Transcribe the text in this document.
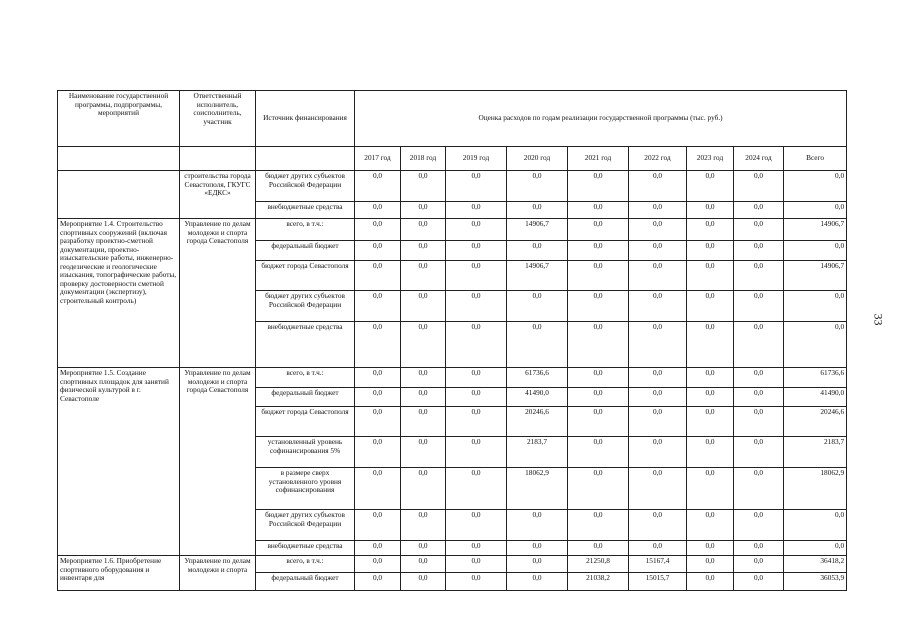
Наименование государственной программы, подпрограммы, мероприятий	Ответственный исполнитель, соисполнитель, участник	Источник финансирования	Оценка расходов по годам реализации государственной программы (тыс. руб.)								
			2017 год	2018 год	2019 год	2020 год	2021 год	2022 год	2023 год	2024 год	Всего
	строительства города Севастополя, ГКУГС «ЕДКС»	бюджет других субъектов Российской Федерации	0,0	0,0	0,0	0,0	0,0	0,0	0,0	0,0	0,0
		внебюджетные средства	0,0	0,0	0,0	0,0	0,0	0,0	0,0	0,0	0,0
Мероприятие 1.4. Строительство спортивных сооружений (включая разработку проектно-сметной документации, проектно-изыскательские работы, инженерно-геодезические и геологические изыскания, топографические работы, проверку достоверности сметной документации (экспертизу), строительный контроль)	Управление по делам молодежи и спорта города Севастополя	всего, в т.ч.:	0,0	0,0	0,0	14906,7	0,0	0,0	0,0	0,0	14906,7
		федеральный бюджет	0,0	0,0	0,0	0,0	0,0	0,0	0,0	0,0	0,0
		бюджет города Севастополя	0,0	0,0	0,0	14906,7	0,0	0,0	0,0	0,0	14906,7
		бюджет других субъектов Российской Федерации	0,0	0,0	0,0	0,0	0,0	0,0	0,0	0,0	0,0
		внебюджетные средства	0,0	0,0	0,0	0,0	0,0	0,0	0,0	0,0	0,0
Мероприятие 1.5. Создание спортивных площадок для занятий физической культурой в г. Севастополе	Управление по делам молодежи и спорта города Севастополя	всего, в т.ч.:	0,0	0,0	0,0	61736,6	0,0	0,0	0,0	0,0	61736,6
		федеральный бюджет	0,0	0,0	0,0	41490,0	0,0	0,0	0,0	0,0	41490,0
		бюджет города Севастополя	0,0	0,0	0,0	20246,6	0,0	0,0	0,0	0,0	20246,6
		установленный уровень софинансирования 5%	0,0	0,0	0,0	2183,7	0,0	0,0	0,0	0,0	2183,7
		в размере сверх установленного уровня софинансирования	0,0	0,0	0,0	18062,9	0,0	0,0	0,0	0,0	18062,9
		бюджет других субъектов Российской Федерации	0,0	0,0	0,0	0,0	0,0	0,0	0,0	0,0	0,0
		внебюджетные средства	0,0	0,0	0,0	0,0	0,0	0,0	0,0	0,0	0,0
Мероприятие 1.6. Приобретение спортивного оборудования и инвентаря для	Управление по делам молодежи и спорта	всего, в т.ч.:	0,0	0,0	0,0	0,0	21250,8	15167,4	0,0	0,0	36418,2
		федеральный бюджет	0,0	0,0	0,0	0,0	21038,2	15015,7	0,0	0,0	36053,9
33
